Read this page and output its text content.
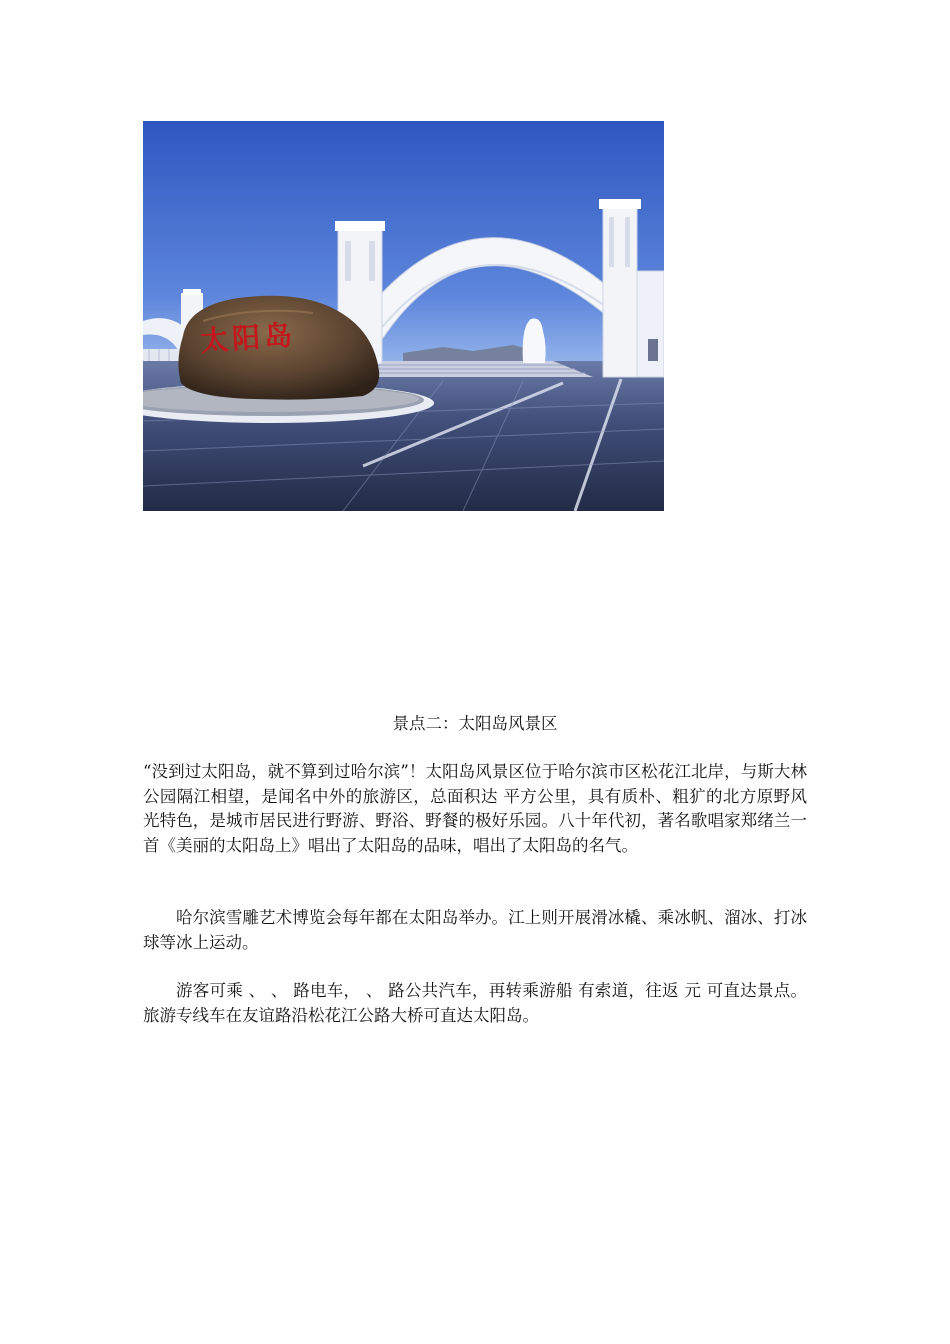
太阳岛
景点二：太阳岛风景区

“没到过太阳岛，就不算到过哈尔滨”！太阳岛风景区位于哈尔滨市区松花江北岸，与斯大林公园隔江相望，是闻名中外的旅游区，总面积达 平方公里，具有质朴、粗犷的北方原野风光特色，是城市居民进行野游、野浴、野餐的极好乐园。八十年代初，著名歌唱家郑绪兰一首《美丽的太阳岛上》唱出了太阳岛的品味，唱出了太阳岛的名气。

哈尔滨雪雕艺术博览会每年都在太阳岛举办。江上则开展滑冰橇、乘冰帆、溜冰、打冰球等冰上运动。

游客可乘 、 、 路电车， 、 路公共汽车，再转乘游船 有索道，往返 元 可直达景点。旅游专线车在友谊路沿松花江公路大桥可直达太阳岛。
